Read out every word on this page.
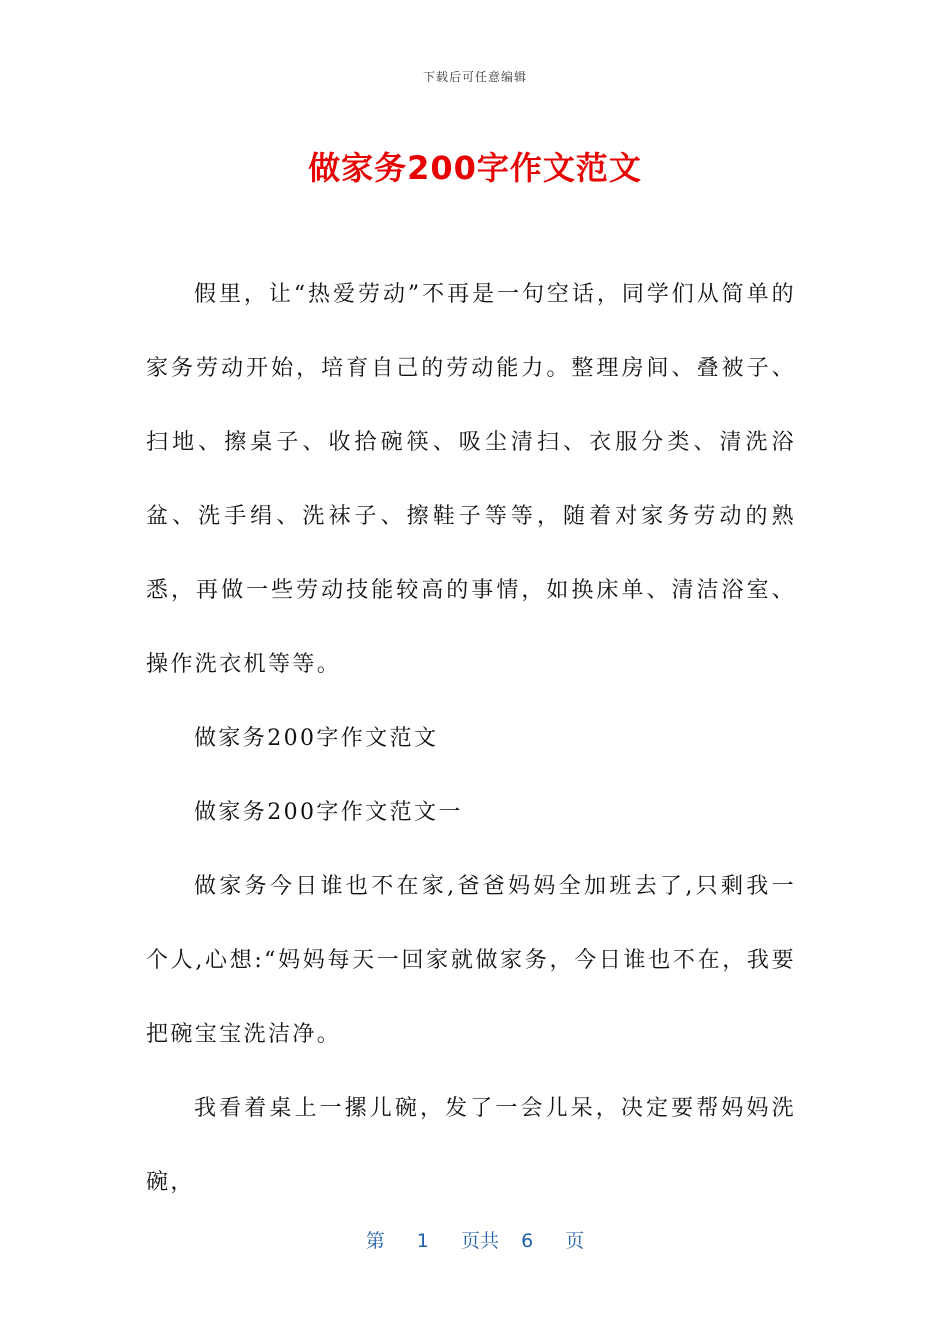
下载后可任意编辑
做家务200字作文范文

假里，让“热爱劳动”不再是一句空话，同学们从简单的家务劳动开始，培育自己的劳动能力。整理房间、叠被子、扫地、擦桌子、收拾碗筷、吸尘清扫、衣服分类、清洗浴盆、洗手绢、洗袜子、擦鞋子等等，随着对家务劳动的熟悉，再做一些劳动技能较高的事情，如换床单、清洁浴室、操作洗衣机等等。

做家务200字作文范文

做家务200字作文范文一

做家务今日谁也不在家,爸爸妈妈全加班去了,只剩我一个人,心想:“妈妈每天一回家就做家务，今日谁也不在，我要把碗宝宝洗洁净。

我看着桌上一摞儿碗，发了一会儿呆，决定要帮妈妈洗碗，

第 1 页共 6 页
